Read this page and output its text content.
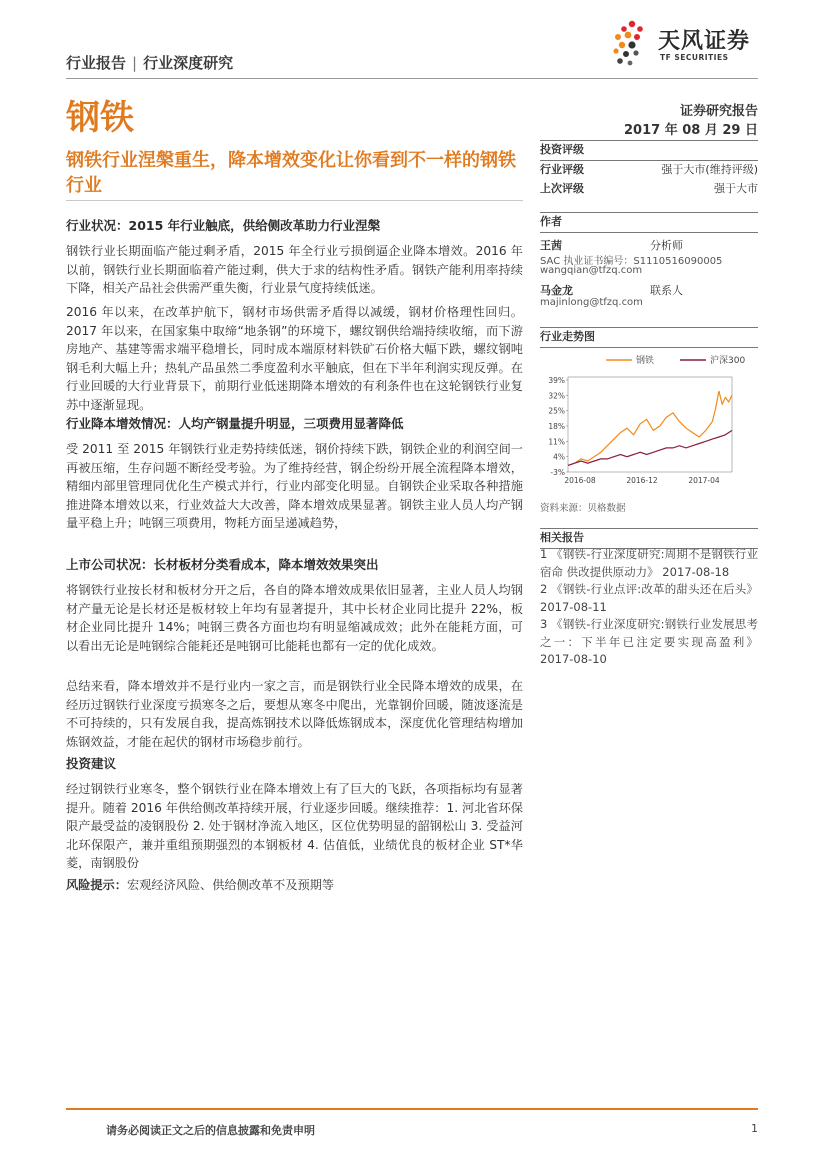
行业报告 | 行业深度研究
天风证券
TF SECURITIES
钢铁	证券研究报告
2017 年 08 月 29 日
钢铁行业涅槃重生，降本增效变化让你看到不一样的钢铁行业
行业状况：2015 年行业触底，供给侧改革助力行业涅槃
钢铁行业长期面临产能过剩矛盾，2015 年全行业亏损倒逼企业降本增效。2016 年以前，钢铁行业长期面临着产能过剩，供大于求的结构性矛盾。钢铁产能利用率持续下降，相关产品社会供需严重失衡，行业景气度持续低迷。
2016 年以来，在改革护航下，钢材市场供需矛盾得以减缓，钢材价格理性回归。2017 年以来，在国家集中取缔“地条钢”的环境下，螺纹钢供给端持续收缩，而下游房地产、基建等需求端平稳增长，同时成本端原材料铁矿石价格大幅下跌，螺纹钢吨钢毛利大幅上升；热轧产品虽然二季度盈利水平触底，但在下半年利润实现反弹。在行业回暖的大行业背景下，前期行业低迷期降本增效的有利条件也在这轮钢铁行业复苏中逐渐显现。
行业降本增效情况：人均产钢量提升明显，三项费用显著降低
受 2011 至 2015 年钢铁行业走势持续低迷，钢价持续下跌，钢铁企业的利润空间一再被压缩，生存问题不断经受考验。为了维持经营，钢企纷纷开展全流程降本增效，精细内部里管理同优化生产模式并行，行业内部变化明显。自钢铁企业采取各种措施推进降本增效以来，行业效益大大改善，降本增效成果显著。钢铁主业人员人均产钢量平稳上升；吨钢三项费用，物耗方面呈递减趋势，
上市公司状况：长材板材分类看成本，降本增效效果突出
将钢铁行业按长材和板材分开之后，各自的降本增效成果依旧显著，主业人员人均钢材产量无论是长材还是板材较上年均有显著提升，其中长材企业同比提升 22%，板材企业同比提升 14%；吨钢三费各方面也均有明显缩减成效；此外在能耗方面，可以看出无论是吨钢综合能耗还是吨钢可比能耗也都有一定的优化成效。
总结来看，降本增效并不是行业内一家之言，而是钢铁行业全民降本增效的成果，在经历过钢铁行业深度亏损寒冬之后，要想从寒冬中爬出，光靠钢价回暖，随波逐流是不可持续的，只有发展自我，提高炼钢技术以降低炼钢成本，深度优化管理结构增加炼钢效益，才能在起伏的钢材市场稳步前行。
投资建议
经过钢铁行业寒冬，整个钢铁行业在降本增效上有了巨大的飞跃，各项指标均有显著提升。随着 2016 年供给侧改革持续开展，行业逐步回暖。继续推荐：1. 河北省环保限产最受益的凌钢股份 2. 处于钢材净流入地区，区位优势明显的韶钢松山 3. 受益河北环保限产，兼并重组预期强烈的本钢板材 4. 估值低，业绩优良的板材企业 ST*华菱，南钢股份
风险提示：宏观经济风险、供给侧改革不及预期等
投资评级
行业评级	强于大市(维持评级)
上次评级	强于大市
作者
王茜	分析师
SAC 执业证书编号：S1110516090005
wangqian@tfzq.com
马金龙	联系人
majinlong@tfzq.com
行业走势图
钢铁	沪深300
39%
32%
25%
18%
11%
4%
-3%
2016-08	2016-12	2017-04
资料来源：贝格数据
相关报告

1 《钢铁-行业深度研究:周期不是钢铁行业宿命 供改提供原动力》 2017-08-18

2 《钢铁-行业点评:改革的甜头还在后头》 2017-08-11

3 《钢铁-行业深度研究:钢铁行业发展思考之一：下半年已注定要实现高盈利》 2017-08-10

请务必阅读正文之后的信息披露和免责申明	1
